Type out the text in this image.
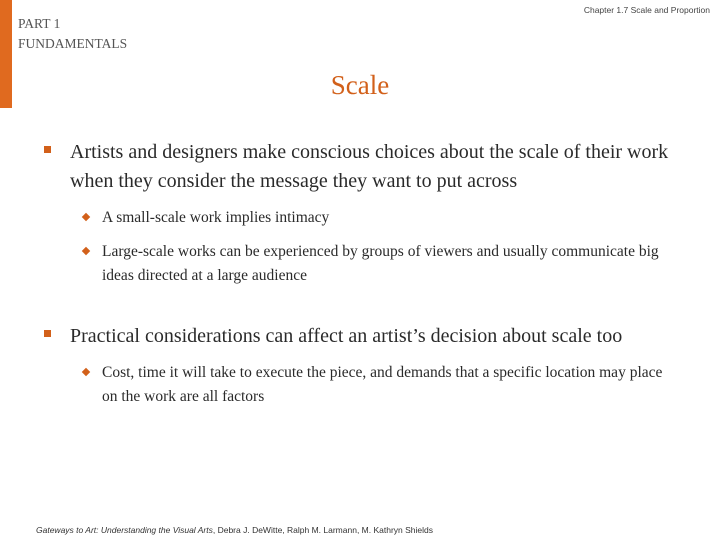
PART 1
FUNDAMENTALS
Chapter 1.7 Scale and Proportion
Scale
Artists and designers make conscious choices about the scale of their work when they consider the message they want to put across
A small-scale work implies intimacy
Large-scale works can be experienced by groups of viewers and usually communicate big ideas directed at a large audience
Practical considerations can affect an artist’s decision about scale too
Cost, time it will take to execute the piece, and demands that a specific location may place on the work are all factors
Gateways to Art: Understanding the Visual Arts, Debra J. DeWitte, Ralph M. Larmann, M. Kathryn Shields
